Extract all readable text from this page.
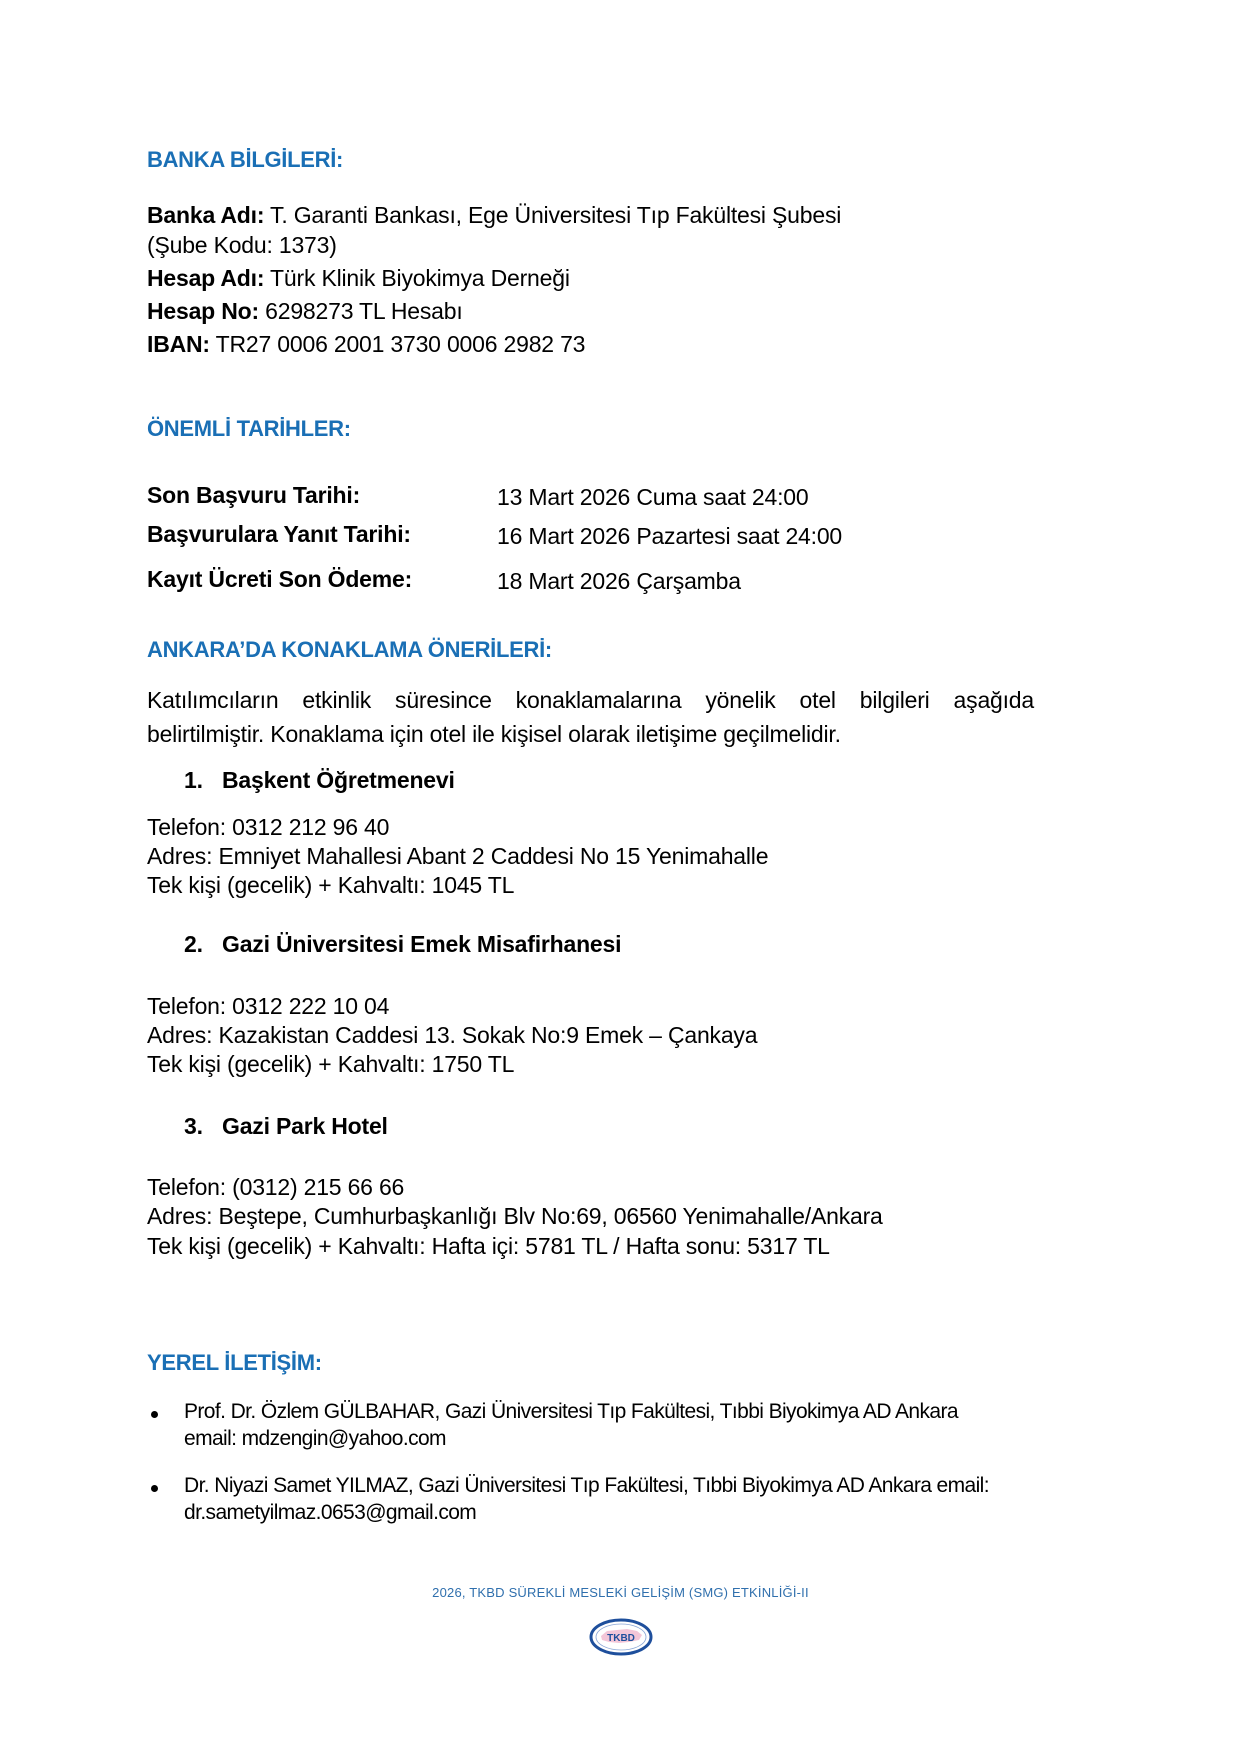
BANKA BİLGİLERİ:
Banka Adı: T. Garanti Bankası, Ege Üniversitesi Tıp Fakültesi Şubesi
(Şube Kodu: 1373)
Hesap Adı: Türk Klinik Biyokimya Derneği
Hesap No: 6298273 TL Hesabı
IBAN: TR27 0006 2001 3730 0006 2982 73
ÖNEMLİ TARİHLER:
Son Başvuru Tarihi:	13 Mart 2026 Cuma saat 24:00
Başvurulara Yanıt Tarihi:	16 Mart 2026 Pazartesi saat 24:00
Kayıt Ücreti Son Ödeme:	18 Mart 2026 Çarşamba
ANKARA’DA KONAKLAMA ÖNERİLERİ:
Katılımcıların etkinlik süresince konaklamalarına yönelik otel bilgileri aşağıda
belirtilmiştir. Konaklama için otel ile kişisel olarak iletişime geçilmelidir.
1. Başkent Öğretmenevi
Telefon: 0312 212 96 40
Adres: Emniyet Mahallesi Abant 2 Caddesi No 15 Yenimahalle
Tek kişi (gecelik) + Kahvaltı: 1045 TL
2. Gazi Üniversitesi Emek Misafirhanesi
Telefon: 0312 222 10 04
Adres: Kazakistan Caddesi 13. Sokak No:9 Emek – Çankaya
Tek kişi (gecelik) + Kahvaltı: 1750 TL
3. Gazi Park Hotel
Telefon: (0312) 215 66 66
Adres: Beştepe, Cumhurbaşkanlığı Blv No:69, 06560 Yenimahalle/Ankara
Tek kişi (gecelik) + Kahvaltı: Hafta içi: 5781 TL / Hafta sonu: 5317 TL
YEREL İLETİŞİM:
Prof. Dr. Özlem GÜLBAHAR, Gazi Üniversitesi Tıp Fakültesi, Tıbbi Biyokimya AD Ankara
email: mdzengin@yahoo.com
Dr. Niyazi Samet YILMAZ, Gazi Üniversitesi Tıp Fakültesi, Tıbbi Biyokimya AD Ankara email:
dr.sametyilmaz.0653@gmail.com
2026, TKBD SÜREKLİ MESLEKİ GELİŞİM (SMG) ETKİNLİĞİ-II
TKBD
